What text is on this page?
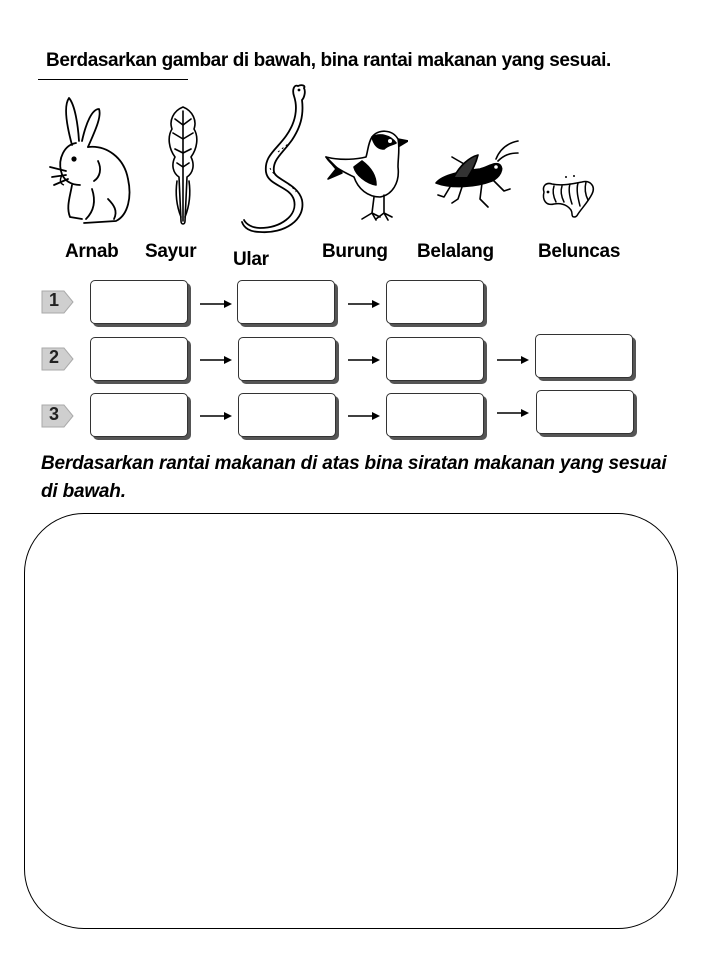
Berdasarkan gambar di bawah, bina rantai makanan yang sesuai.
Arnab Sayur Ular	Burung Belalang Beluncas
1
2
3
Berdasarkan rantai makanan di atas bina siratan makanan yang sesuai di bawah.
